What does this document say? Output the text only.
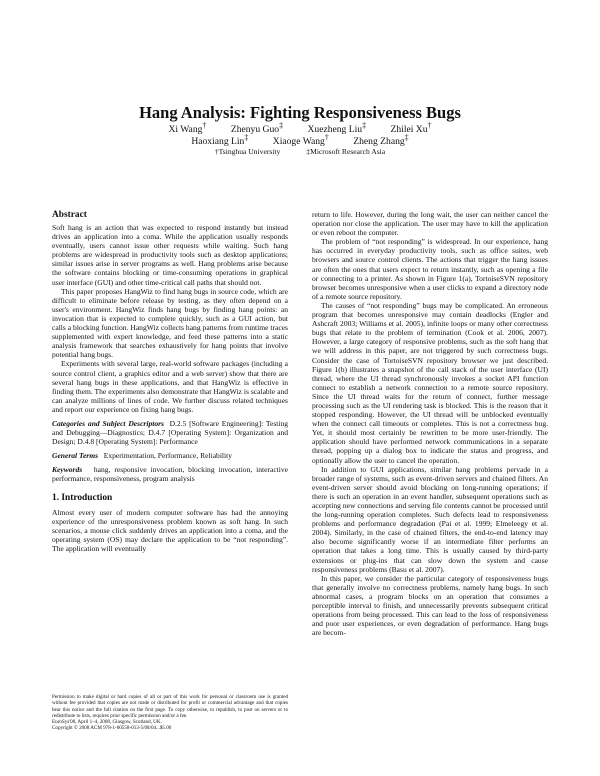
Hang Analysis: Fighting Responsiveness Bugs
Xi Wang†	Zhenyu Guo‡	Xuezheng Liu‡	Zhilei Xu†
Haoxiang Lin‡	Xiaoge Wang†	Zheng Zhang‡
†Tsinghua University	‡Microsoft Research Asia
Abstract

Soft hang is an action that was expected to respond instantly but instead drives an application into a coma. While the application usually responds eventually, users cannot issue other requests while waiting. Such hang problems are widespread in productivity tools such as desktop applications; similar issues arise in server programs as well. Hang problems arise because the software contains blocking or time-consuming operations in graphical user interface (GUI) and other time-critical call paths that should not.

This paper proposes HangWiz to find hang bugs in source code, which are difficult to eliminate before release by testing, as they often depend on a user's environment. HangWiz finds hang bugs by finding hang points: an invocation that is expected to complete quickly, such as a GUI action, but calls a blocking function. HangWiz collects hang patterns from runtime traces supplemented with expert knowledge, and feed these patterns into a static analysis framework that searches exhaustively for hang points that involve potential hang bugs.

Experiments with several large, real-world software packages (including a source control client, a graphics editor and a web server) show that there are several hang bugs in these applications, and that HangWiz is effective in finding them. The experiments also demonstrate that HangWiz is scalable and can analyze millions of lines of code. We further discuss related techniques and report our experience on fixing hang bugs.

Categories and Subject Descriptors D.2.5 [Software Engineering]: Testing and Debugging—Diagnostics; D.4.7 [Operating System]: Organization and Design; D.4.8 [Operating System]: Performance

General Terms Experimentation, Performance, Reliability

Keywords hang, responsive invocation, blocking invocation, interactive performance, responsiveness, program analysis

1. Introduction

Almost every user of modern computer software has had the annoying experience of the unresponsiveness problem known as soft hang. In such scenarios, a mouse click suddenly drives an application into a coma, and the operating system (OS) may declare the application to be “not responding”. The application will eventually

Permission to make digital or hard copies of all or part of this work for personal or classroom use is granted without fee provided that copies are not made or distributed for profit or commercial advantage and that copies bear this notice and the full citation on the first page. To copy otherwise, to republish, to post on servers or to redistribute to lists, requires prior specific permission and/or a fee.

EuroSys'08, April 1–4, 2008, Glasgow, Scotland, UK.

Copyright © 2008 ACM 978-1-60558-013-5/08/04...$5.00

return to life. However, during the long wait, the user can neither cancel the operation nor close the application. The user may have to kill the application or even reboot the computer.

The problem of “not responding” is widespread. In our experience, hang has occurred in everyday productivity tools, such as office suites, web browsers and source control clients. The actions that trigger the hang issues are often the ones that users expect to return instantly, such as opening a file or connecting to a printer. As shown in Figure 1(a), TortoiseSVN repository browser becomes unresponsive when a user clicks to expand a directory node of a remote source repository.

The causes of “not responding” bugs may be complicated. An erroneous program that becomes unresponsive may contain deadlocks (Engler and Ashcraft 2003; Williams et al. 2005), infinite loops or many other correctness bugs that relate to the problem of termination (Cook et al. 2006, 2007). However, a large category of responsive problems, such as the soft hang that we will address in this paper, are not triggered by such correctness bugs. Consider the case of TortoiseSVN repository browser we just described. Figure 1(b) illustrates a snapshot of the call stack of the user interface (UI) thread, where the UI thread synchronously invokes a socket API function connect to establish a network connection to a remote source repository. Since the UI thread waits for the return of connect, further message processing such as the UI rendering task is blocked. This is the reason that it stopped responding. However, the UI thread will be unblocked eventually when the connect call timeouts or completes. This is not a correctness bug. Yet, it should most certainly be rewritten to be more user-friendly. The application should have performed network communications in a separate thread, popping up a dialog box to indicate the status and progress, and optionally allow the user to cancel the operation.

In addition to GUI applications, similar hang problems pervade in a broader range of systems, such as event-driven servers and chained filters. An event-driven server should avoid blocking on long-running operations; if there is such an operation in an event handler, subsequent operations such as accepting new connections and serving file contents cannot be processed until the long-running operation completes. Such defects lead to responsiveness problems and performance degradation (Pai et al. 1999; Elmeleegy et al. 2004). Similarly, in the case of chained filters, the end-to-end latency may also become significantly worse if an intermediate filter performs an operation that takes a long time. This is usually caused by third-party extensions or plug-ins that can slow down the system and cause responsiveness problems (Basu et al. 2007).

In this paper, we consider the particular category of responsiveness bugs that generally involve no correctness problems, namely hang bugs. In such abnormal cases, a program blocks on an operation that consumes a perceptible interval to finish, and unnecessarily prevents subsequent critical operations from being processed. This can lead to the loss of responsiveness and poor user experiences, or even degradation of performance. Hang bugs are becom-
